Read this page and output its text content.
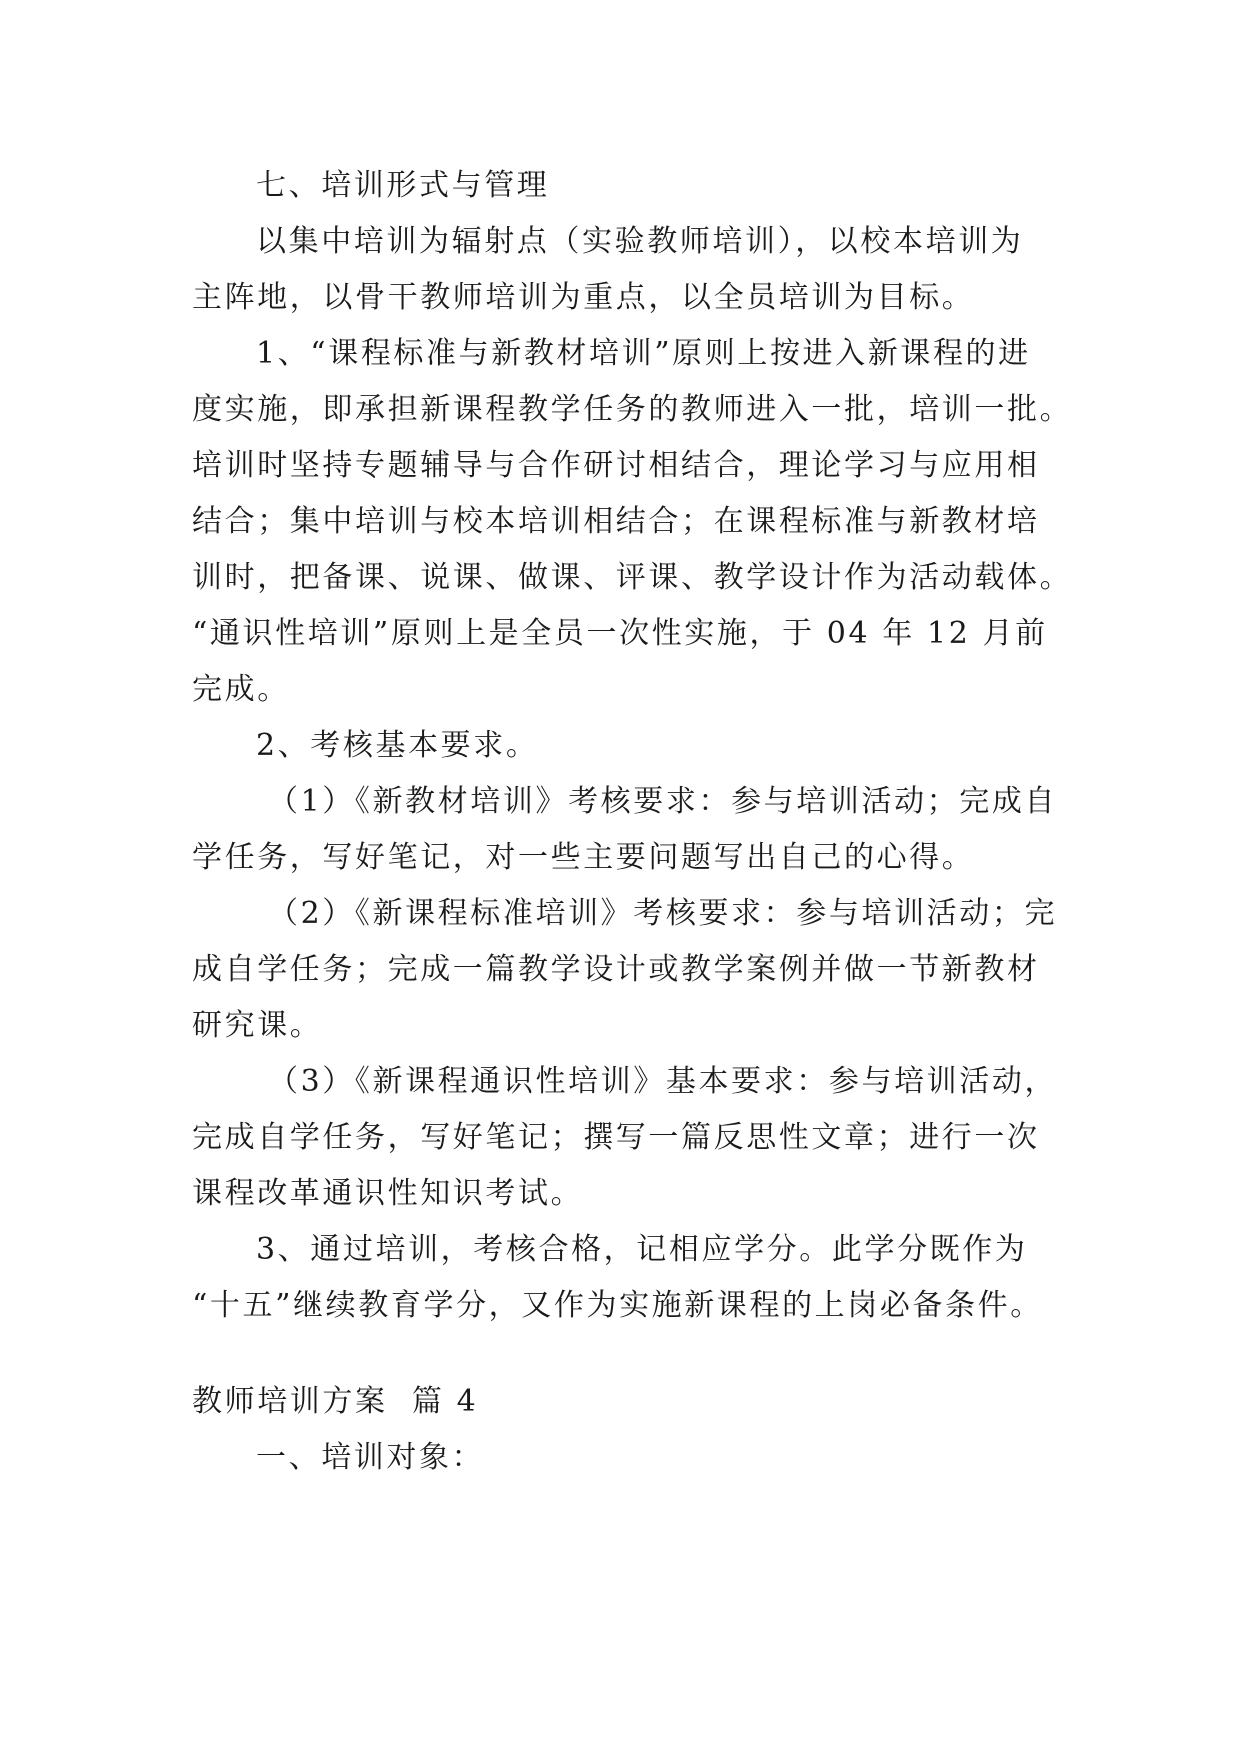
七、培训形式与管理
以集中培训为辐射点（实验教师培训），以校本培训为
主阵地，以骨干教师培训为重点，以全员培训为目标。
1、“课程标准与新教材培训”原则上按进入新课程的进
度实施，即承担新课程教学任务的教师进入一批，培训一批。
培训时坚持专题辅导与合作研讨相结合，理论学习与应用相
结合；集中培训与校本培训相结合；在课程标准与新教材培
训时，把备课、说课、做课、评课、教学设计作为活动载体。
“通识性培训”原则上是全员一次性实施，于 04 年 12 月前
完成。
2、考核基本要求。
（1）《新教材培训》考核要求：参与培训活动；完成自
学任务，写好笔记，对一些主要问题写出自己的心得。
（2）《新课程标准培训》考核要求：参与培训活动；完
成自学任务；完成一篇教学设计或教学案例并做一节新教材
研究课。
（3）《新课程通识性培训》基本要求：参与培训活动，
完成自学任务，写好笔记；撰写一篇反思性文章；进行一次
课程改革通识性知识考试。
3、通过培训，考核合格，记相应学分。此学分既作为
“十五”继续教育学分，又作为实施新课程的上岗必备条件。
教师培训方案  篇 4
一、培训对象：
